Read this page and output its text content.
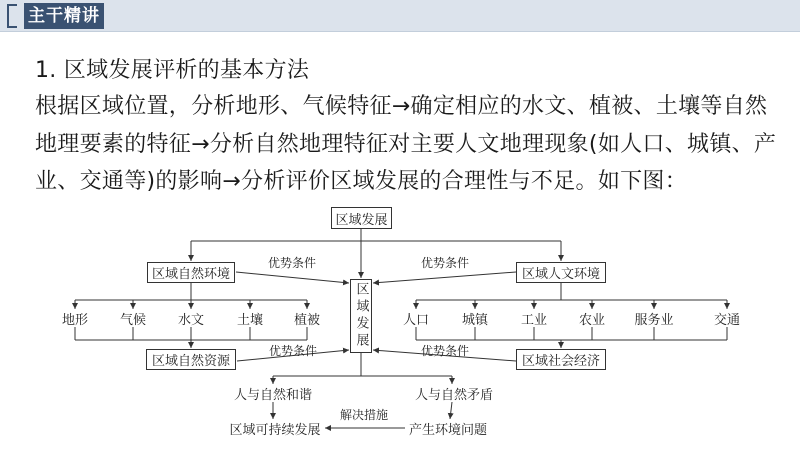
主干精讲
1. 区域发展评析的基本方法
根据区域位置，分析地形、气候特征→确定相应的水文、植被、土壤等自然
地理要素的特征→分析自然地理特征对主要人文地理现象(如人口、城镇、产
业、交通等)的影响→分析评价区域发展的合理性与不足。如下图：
区域发展
区域自然环境	区域人文环境
区域发展
区域自然资源	区域社会经济
优势条件	优势条件
优势条件	优势条件
地形	气候	水文	土壤	植被	人口	城镇	工业	农业	服务业	交通
人与自然和谐	人与自然矛盾
区域可持续发展	产生环境问题
解决措施
